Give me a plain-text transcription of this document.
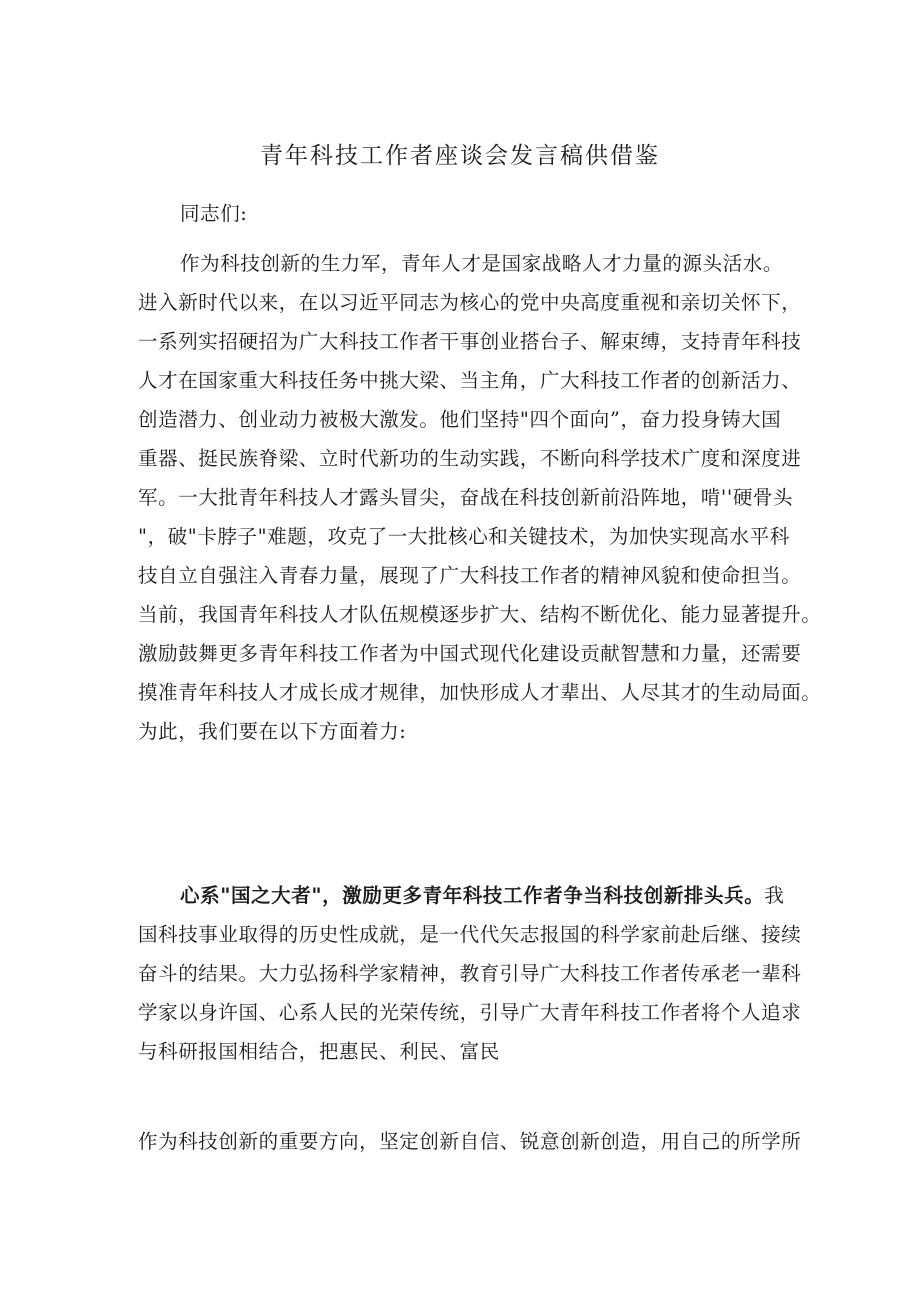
青年科技工作者座谈会发言稿供借鉴

同志们:

作为科技创新的生力军，青年人才是国家战略人才力量的源头活水。
进入新时代以来，在以习近平同志为核心的党中央高度重视和亲切关怀下，
一系列实招硬招为广大科技工作者干事创业搭台子、解束缚，支持青年科技
人才在国家重大科技任务中挑大梁、当主角，广大科技工作者的创新活力、
创造潜力、创业动力被极大激发。他们坚持"四个面向”，奋力投身铸大国
重器、挺民族脊梁、立时代新功的生动实践，不断向科学技术广度和深度进
军。一大批青年科技人才露头冒尖，奋战在科技创新前沿阵地，啃''硬骨头
"，破"卡脖子"难题，攻克了一大批核心和关键技术，为加快实现高水平科
技自立自强注入青春力量，展现了广大科技工作者的精神风貌和使命担当。
当前，我国青年科技人才队伍规模逐步扩大、结构不断优化、能力显著提升。
激励鼓舞更多青年科技工作者为中国式现代化建设贡献智慧和力量，还需要
摸准青年科技人才成长成才规律，加快形成人才辈出、人尽其才的生动局面。
为此，我们要在以下方面着力:
心系"国之大者"，激励更多青年科技工作者争当科技创新排头兵。我
国科技事业取得的历史性成就，是一代代矢志报国的科学家前赴后继、接续
奋斗的结果。大力弘扬科学家精神，教育引导广大科技工作者传承老一辈科
学家以身许国、心系人民的光荣传统，引导广大青年科技工作者将个人追求
与科研报国相结合，把惠民、利民、富民
作为科技创新的重要方向，坚定创新自信、锐意创新创造，用自己的所学所
